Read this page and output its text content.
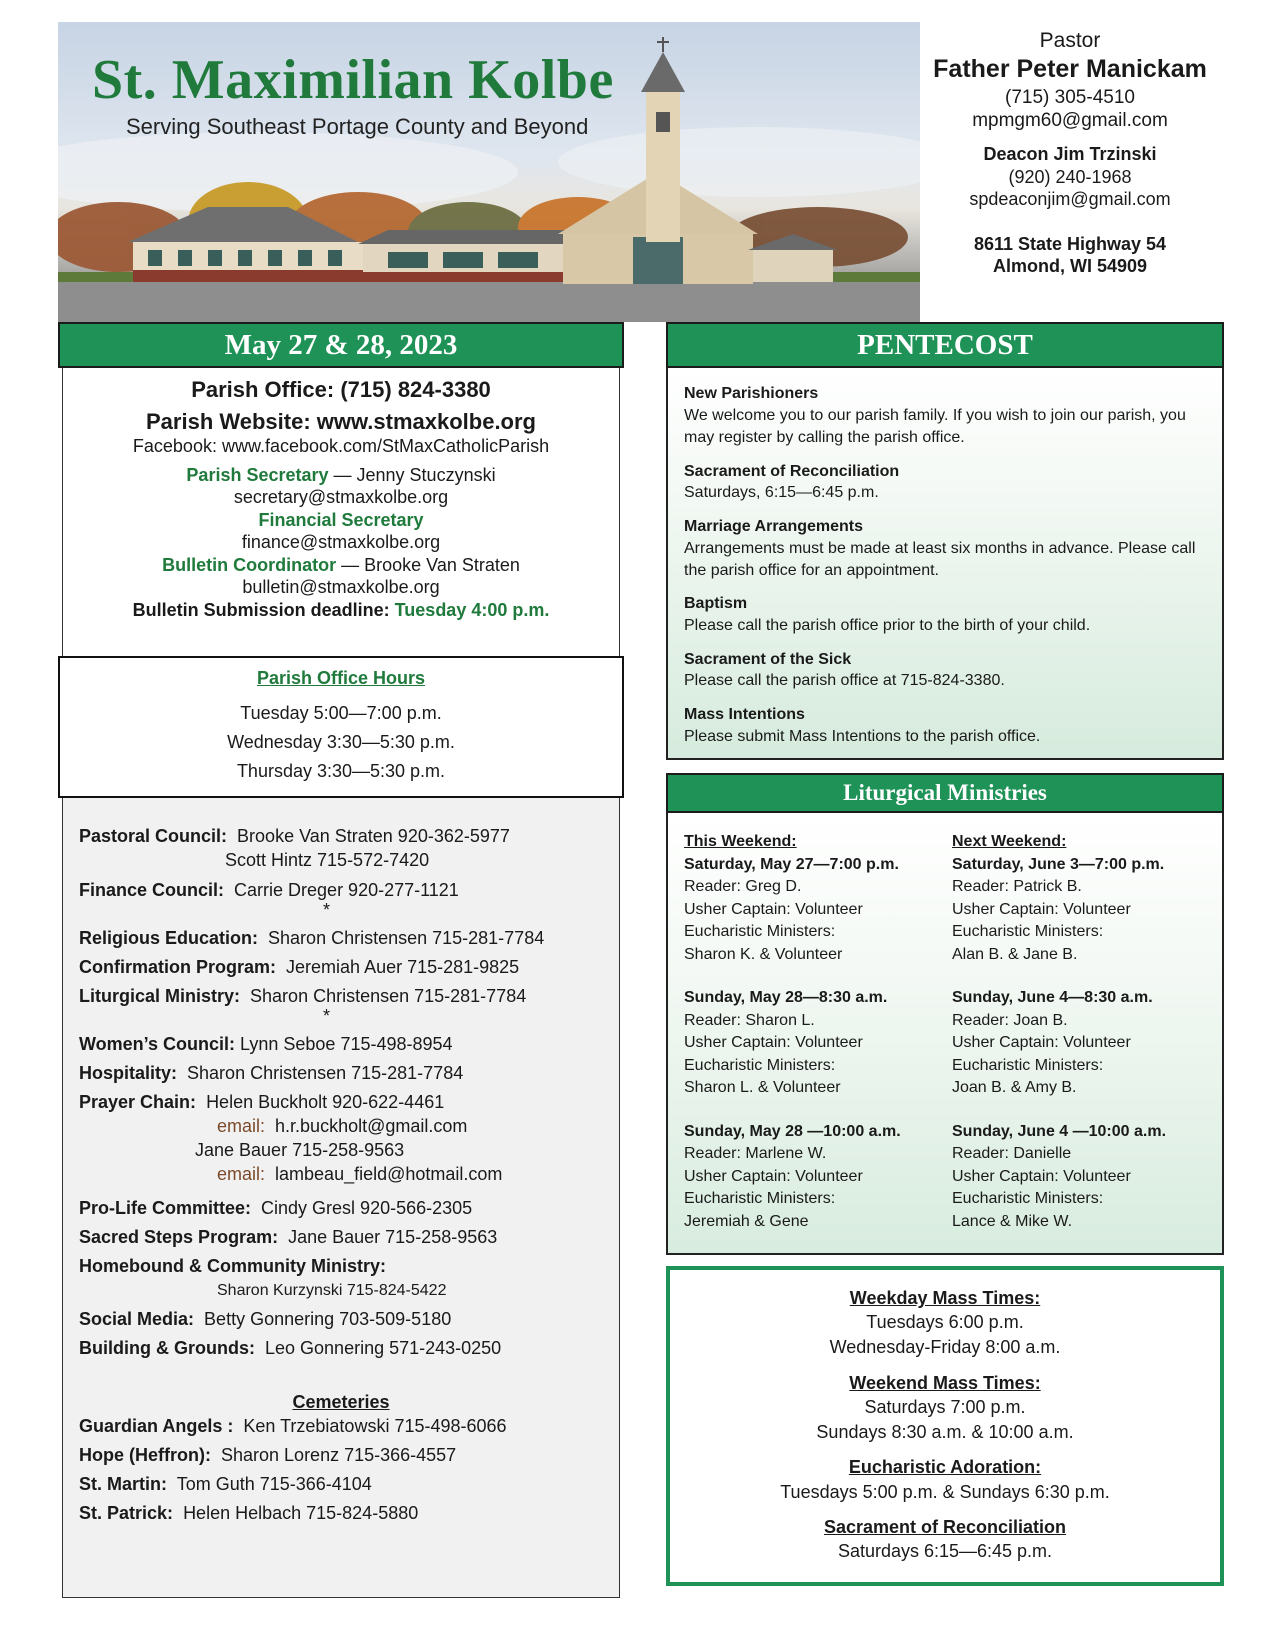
St. Maximilian Kolbe
Serving Southeast Portage County and Beyond
Pastor
Father Peter Manickam
(715) 305-4510
mpmgm60@gmail.com
Deacon Jim Trzinski
(920) 240-1968
spdeaconjim@gmail.com
8611 State Highway 54
Almond, WI 54909
May 27 & 28, 2023	PENTECOST
Parish Office: (715) 824-3380
Parish Website: www.stmaxkolbe.org
Facebook: www.facebook.com/StMaxCatholicParish
Parish Secretary — Jenny Stuczynski
secretary@stmaxkolbe.org
Financial Secretary
finance@stmaxkolbe.org
Bulletin Coordinator — Brooke Van Straten
bulletin@stmaxkolbe.org
Bulletin Submission deadline: Tuesday 4:00 p.m.
Parish Office Hours
Tuesday 5:00—7:00 p.m.
Wednesday 3:30—5:30 p.m.
Thursday 3:30—5:30 p.m.
Pastoral Council: Brooke Van Straten 920-362-5977
Scott Hintz 715-572-7420
Finance Council: Carrie Dreger 920-277-1121
*
Religious Education: Sharon Christensen 715-281-7784
Confirmation Program: Jeremiah Auer 715-281-9825
Liturgical Ministry: Sharon Christensen 715-281-7784
*
Women’s Council: Lynn Seboe 715-498-8954
Hospitality: Sharon Christensen 715-281-7784
Prayer Chain: Helen Buckholt 920-622-4461
email: h.r.buckholt@gmail.com
Jane Bauer 715-258-9563
email: lambeau_field@hotmail.com
Pro-Life Committee: Cindy Gresl 920-566-2305
Sacred Steps Program: Jane Bauer 715-258-9563
Homebound & Community Ministry:
Sharon Kurzynski 715-824-5422
Social Media: Betty Gonnering 703-509-5180
Building & Grounds: Leo Gonnering 571-243-0250
Cemeteries
Guardian Angels : Ken Trzebiatowski 715-498-6066
Hope (Heffron): Sharon Lorenz 715-366-4557
St. Martin: Tom Guth 715-366-4104
St. Patrick: Helen Helbach 715-824-5880
New Parishioners
We welcome you to our parish family. If you wish to join our parish, you may register by calling the parish office.
Sacrament of Reconciliation
Saturdays, 6:15—6:45 p.m.
Marriage Arrangements
Arrangements must be made at least six months in advance. Please call the parish office for an appointment.
Baptism
Please call the parish office prior to the birth of your child.
Sacrament of the Sick
Please call the parish office at 715-824-3380.
Mass Intentions
Please submit Mass Intentions to the parish office.
Liturgical Ministries
This Weekend:
Saturday, May 27—7:00 p.m.
Reader: Greg D.
Usher Captain: Volunteer
Eucharistic Ministers:
Sharon K. & Volunteer
Sunday, May 28—8:30 a.m.
Reader: Sharon L.
Usher Captain: Volunteer
Eucharistic Ministers:
Sharon L. & Volunteer
Sunday, May 28 —10:00 a.m.
Reader: Marlene W.
Usher Captain: Volunteer
Eucharistic Ministers:
Jeremiah & Gene
Next Weekend:
Saturday, June 3—7:00 p.m.
Reader: Patrick B.
Usher Captain: Volunteer
Eucharistic Ministers:
Alan B. & Jane B.
Sunday, June 4—8:30 a.m.
Reader: Joan B.
Usher Captain: Volunteer
Eucharistic Ministers:
Joan B. & Amy B.
Sunday, June 4 —10:00 a.m.
Reader: Danielle
Usher Captain: Volunteer
Eucharistic Ministers:
Lance & Mike W.
Weekday Mass Times:
Tuesdays 6:00 p.m.
Wednesday-Friday 8:00 a.m.
Weekend Mass Times:
Saturdays 7:00 p.m.
Sundays 8:30 a.m. & 10:00 a.m.
Eucharistic Adoration:
Tuesdays 5:00 p.m. & Sundays 6:30 p.m.
Sacrament of Reconciliation
Saturdays 6:15—6:45 p.m.
